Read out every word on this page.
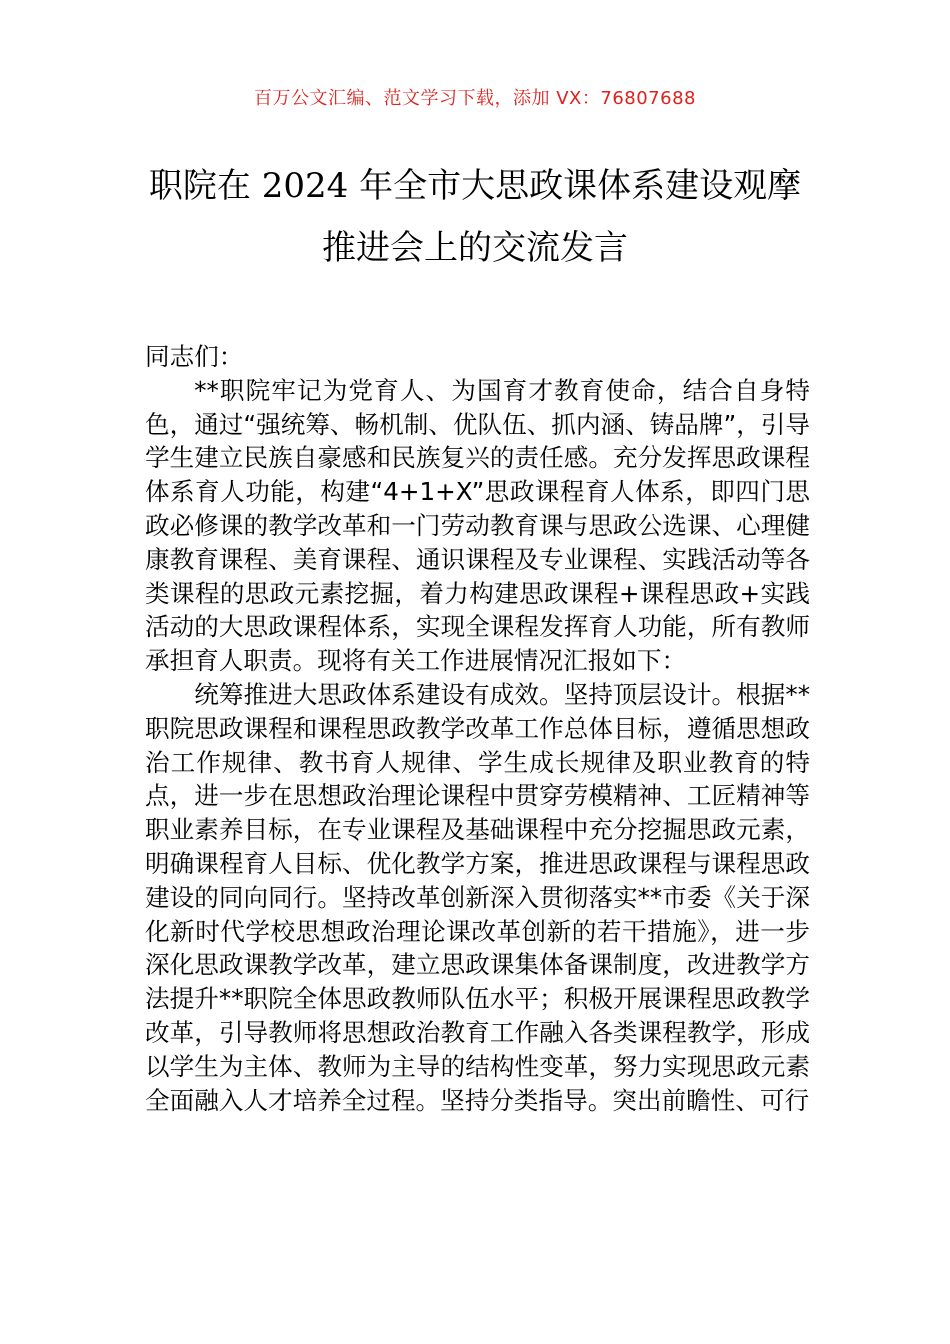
百万公文汇编、范文学习下载，添加 VX：76807688
职院在 2024 年全市大思政课体系建设观摩
推进会上的交流发言

同志们：

**职院牢记为党育人、为国育才教育使命，结合自身特色，通过“强统筹、畅机制、优队伍、抓内涵、铸品牌”，引导学生建立民族自豪感和民族复兴的责任感。充分发挥思政课程体系育人功能，构建“4+1+X”思政课程育人体系，即四门思政必修课的教学改革和一门劳动教育课与思政公选课、心理健康教育课程、美育课程、通识课程及专业课程、实践活动等各类课程的思政元素挖掘，着力构建思政课程+课程思政+实践活动的大思政课程体系，实现全课程发挥育人功能，所有教师承担育人职责。现将有关工作进展情况汇报如下：

统筹推进大思政体系建设有成效。坚持顶层设计。根据**职院思政课程和课程思政教学改革工作总体目标，遵循思想政治工作规律、教书育人规律、学生成长规律及职业教育的特点，进一步在思想政治理论课程中贯穿劳模精神、工匠精神等职业素养目标，在专业课程及基础课程中充分挖掘思政元素，明确课程育人目标、优化教学方案，推进思政课程与课程思政建设的同向同行。坚持改革创新深入贯彻落实**市委《关于深化新时代学校思想政治理论课改革创新的若干措施》，进一步深化思政课教学改革，建立思政课集体备课制度，改进教学方法提升**职院全体思政教师队伍水平；积极开展课程思政教学改革，引导教师将思想政治教育工作融入各类课程教学，形成以学生为主体、教师为主导的结构性变革，努力实现思政元素全面融入人才培养全过程。坚持分类指导。突出前瞻性、可行
